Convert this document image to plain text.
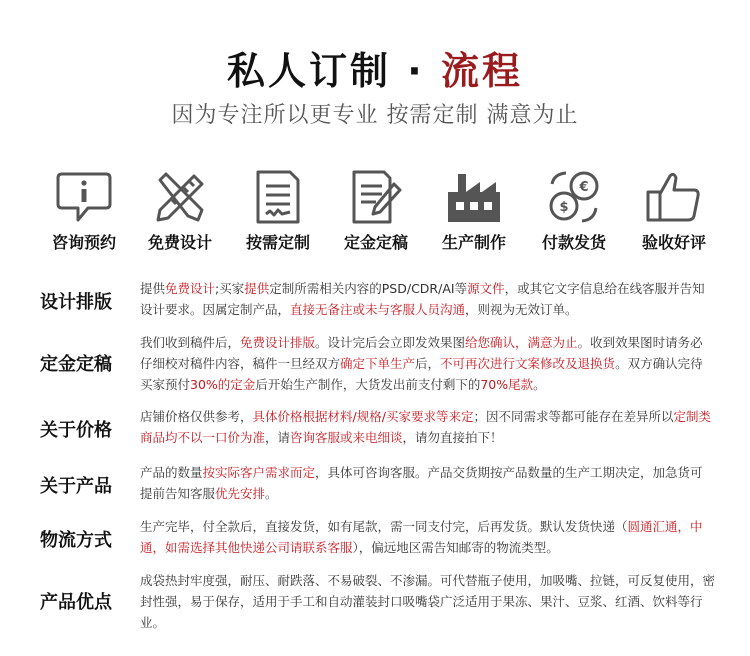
私人订制 · 流程
因为专注所以更专业 按需定制 满意为止
咨询预约	免费设计	按需定制	定金定稿	生产制作
€
$
付款发货	验收好评
设计排版
提供免费设计;买家提供定制所需相关内容的PSD/CDR/AI等源文件，或其它文字信息给在线客服并告知设计要求。因属定制产品，直接无备注或未与客服人员沟通，则视为无效订单。
定金定稿
我们收到稿件后，免费设计排版。设计完后会立即发效果图给您确认，满意为止。收到效果图时请务必仔细校对稿件内容，稿件一旦经双方确定下单生产后，不可再次进行文案修改及退换货。双方确认完待买家预付30%的定金后开始生产制作，大货发出前支付剩下的70%尾款。
关于价格
店铺价格仅供参考，具体价格根据材料/规格/买家要求等来定；因不同需求等都可能存在差异所以定制类商品均不以一口价为准，请咨询客服或来电细谈，请勿直接拍下！
关于产品
产品的数量按实际客户需求而定，具体可咨询客服。产品交货期按产品数量的生产工期决定，加急货可提前告知客服优先安排。
物流方式
生产完毕，付全款后，直接发货，如有尾款，需一同支付完，后再发货。默认发货快递（圆通汇通，中通，如需选择其他快递公司请联系客服），偏远地区需告知邮寄的物流类型。
产品优点
成袋热封牢度强，耐压、耐跌落、不易破裂、不渗漏。可代替瓶子使用，加吸嘴、拉链，可反复使用，密封性强，易于保存，适用于手工和自动灌装封口吸嘴袋广泛适用于果冻、果汁、豆浆、红酒、饮料等行业。
